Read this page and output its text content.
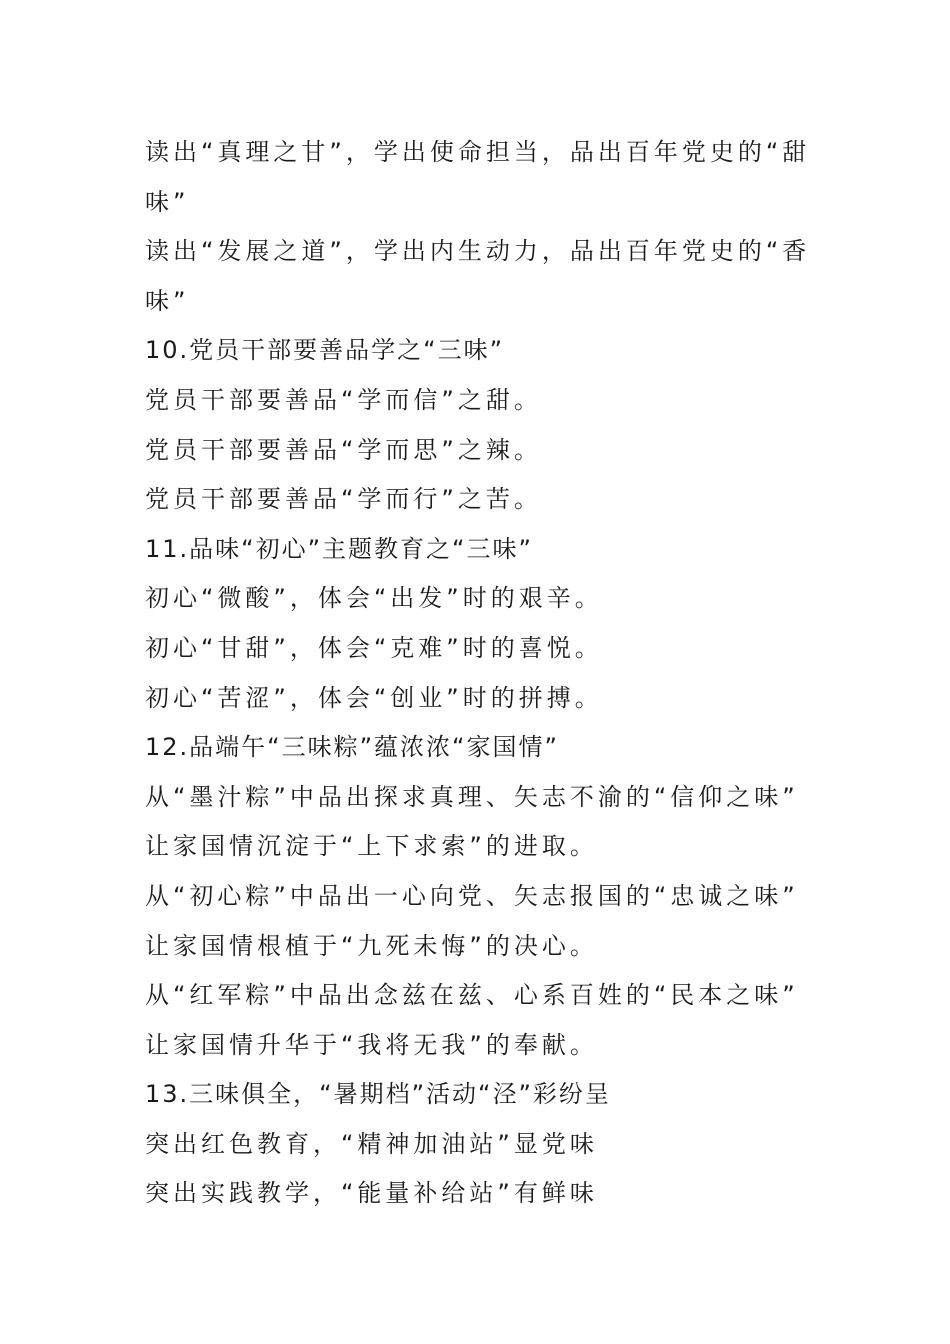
读出“真理之甘”，学出使命担当，品出百年党史的“甜
味”
读出“发展之道”，学出内生动力，品出百年党史的“香
味”
10.党员干部要善品学之“三味”
党员干部要善品“学而信”之甜。
党员干部要善品“学而思”之辣。
党员干部要善品“学而行”之苦。
11.品味“初心”主题教育之“三味”
初心“微酸”，体会“出发”时的艰辛。
初心“甘甜”，体会“克难”时的喜悦。
初心“苦涩”，体会“创业”时的拼搏。
12.品端午“三味粽”蕴浓浓“家国情”
从“墨汁粽”中品出探求真理、矢志不渝的“信仰之味”
让家国情沉淀于“上下求索”的进取。
从“初心粽”中品出一心向党、矢志报国的“忠诚之味”
让家国情根植于“九死未悔”的决心。
从“红军粽”中品出念兹在兹、心系百姓的“民本之味”
让家国情升华于“我将无我”的奉献。
13.三味俱全，“暑期档”活动“泾”彩纷呈
突出红色教育，“精神加油站”显党味
突出实践教学，“能量补给站”有鲜味
